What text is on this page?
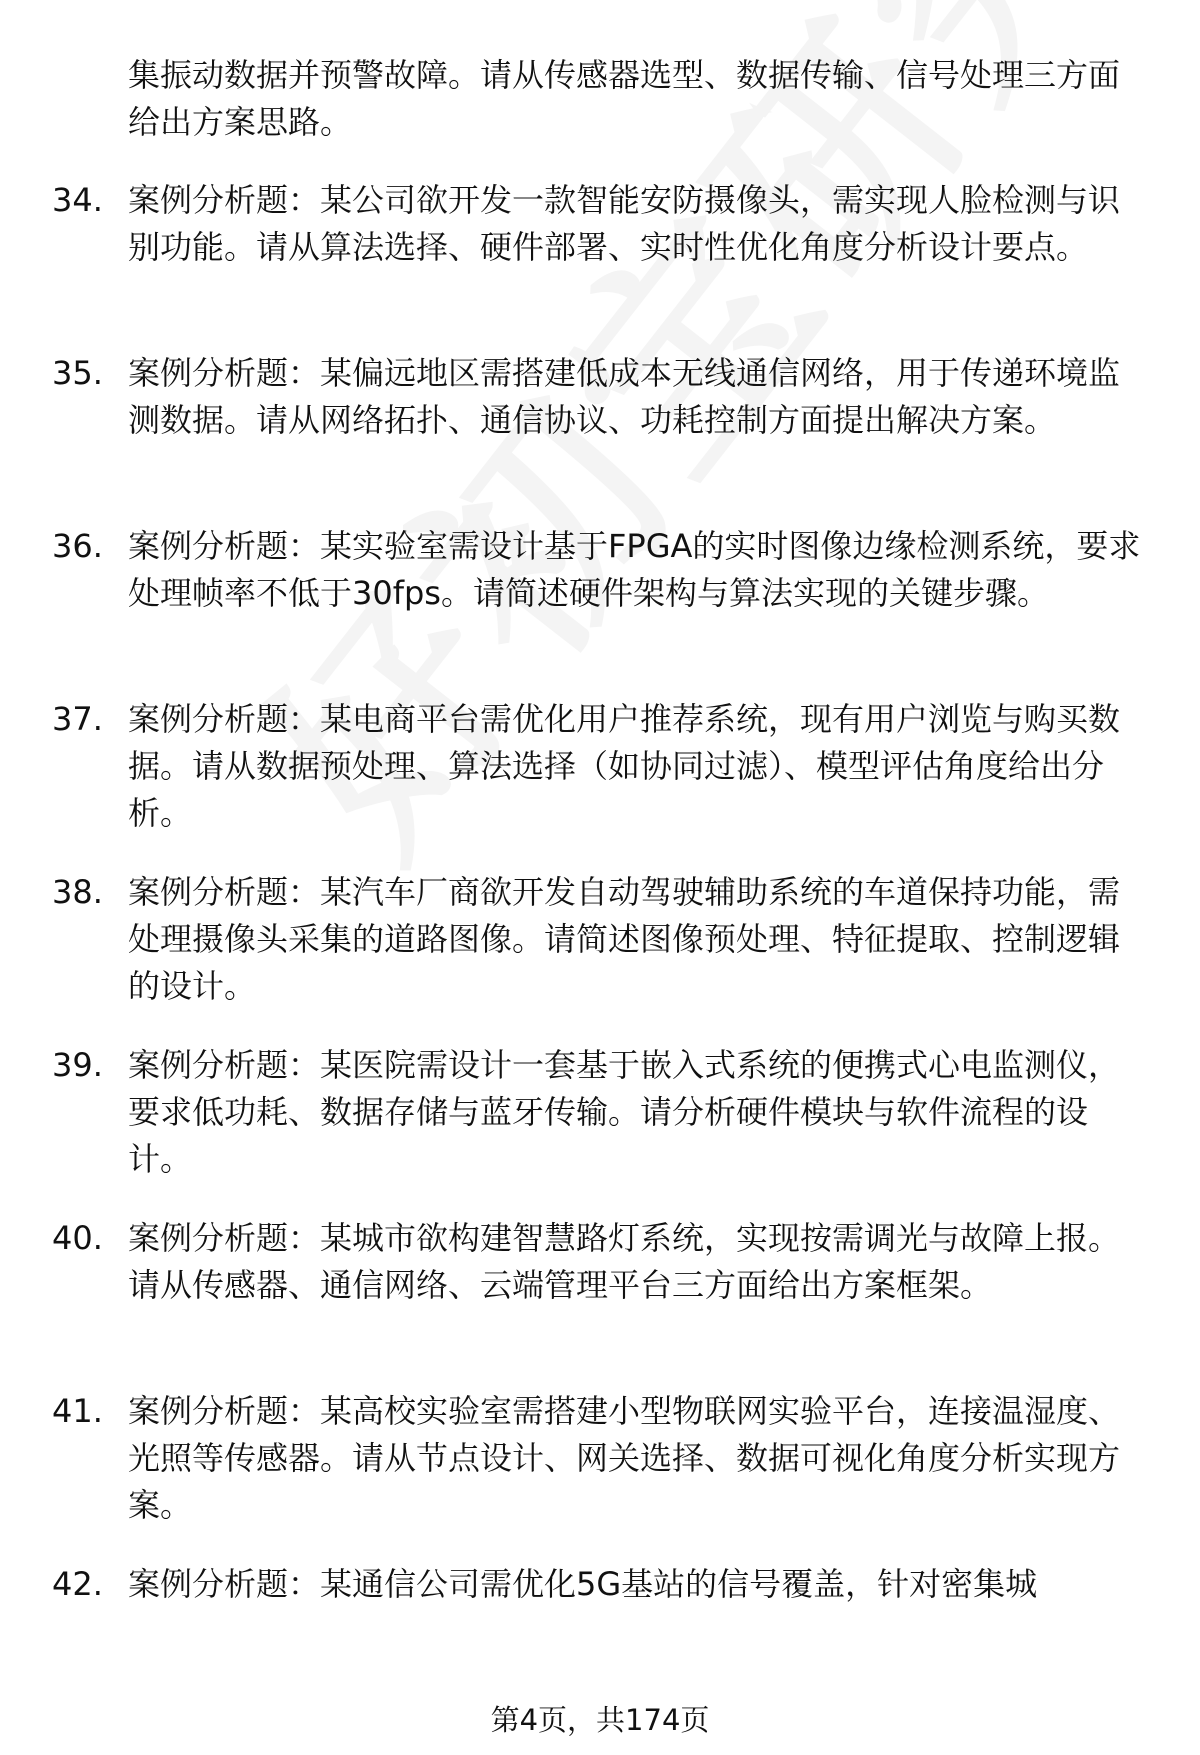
集振动数据并预警故障。请从传感器选型、数据传输、信号处理三方面给出方案思路。
34. 案例分析题：某公司欲开发一款智能安防摄像头，需实现人脸检测与识别功能。请从算法选择、硬件部署、实时性优化角度分析设计要点。
35. 案例分析题：某偏远地区需搭建低成本无线通信网络，用于传递环境监测数据。请从网络拓扑、通信协议、功耗控制方面提出解决方案。
36. 案例分析题：某实验室需设计基于FPGA的实时图像边缘检测系统，要求处理帧率不低于30fps。请简述硬件架构与算法实现的关键步骤。
37. 案例分析题：某电商平台需优化用户推荐系统，现有用户浏览与购买数据。请从数据预处理、算法选择（如协同过滤）、模型评估角度给出分析。
38. 案例分析题：某汽车厂商欲开发自动驾驶辅助系统的车道保持功能，需处理摄像头采集的道路图像。请简述图像预处理、特征提取、控制逻辑的设计。
39. 案例分析题：某医院需设计一套基于嵌入式系统的便携式心电监测仪，要求低功耗、数据存储与蓝牙传输。请分析硬件模块与软件流程的设计。
40. 案例分析题：某城市欲构建智慧路灯系统，实现按需调光与故障上报。请从传感器、通信网络、云端管理平台三方面给出方案框架。
41. 案例分析题：某高校实验室需搭建小型物联网实验平台，连接温湿度、光照等传感器。请从节点设计、网关选择、数据可视化角度分析实现方案。
42. 案例分析题：某通信公司需优化5G基站的信号覆盖，针对密集城
第4页，共174页
